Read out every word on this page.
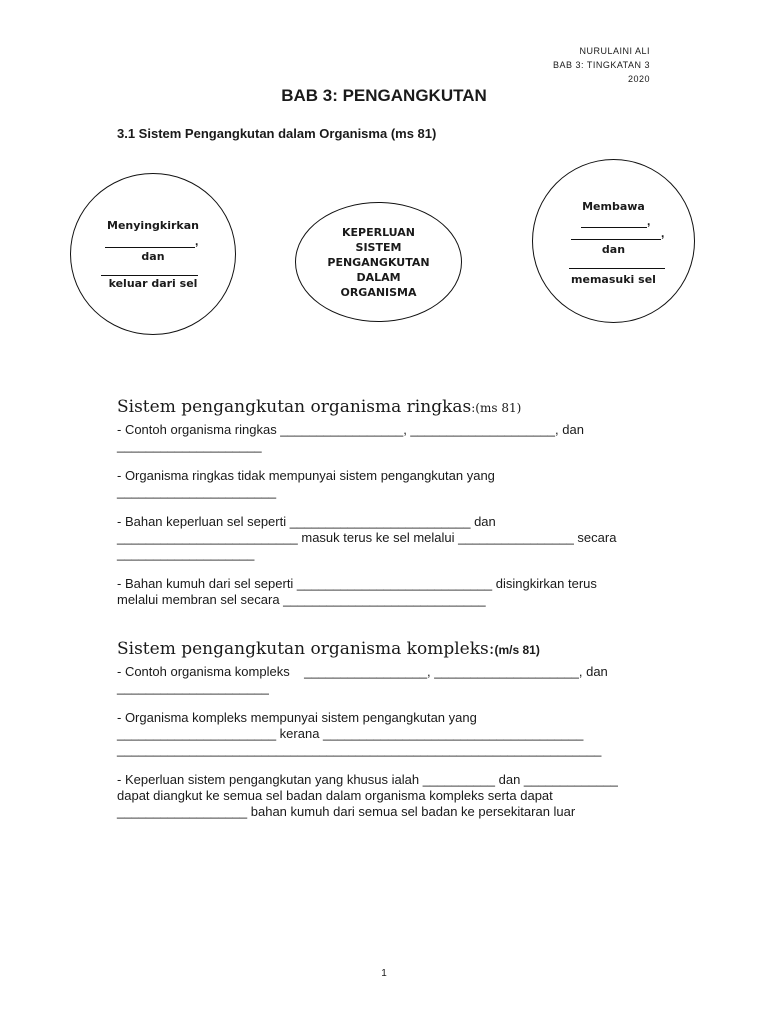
NURULAINI ALI
BAB 3: TINGKATAN 3
2020
BAB 3: PENGANGKUTAN
3.1 Sistem Pengangkutan dalam Organisma (ms 81)
Menyingkirkan
,
dan
keluar dari sel
KEPERLUAN
SISTEM
PENGANGKUTAN
DALAM
ORGANISMA
Membawa
,
,
dan
memasuki sel
Sistem pengangkutan organisma ringkas:(ms 81)
- Contoh organisma ringkas _________________, ____________________, dan
____________________
- Organisma ringkas tidak mempunyai sistem pengangkutan yang
______________________
- Bahan keperluan sel seperti _________________________ dan
_________________________ masuk terus ke sel melalui ________________ secara
___________________
- Bahan kumuh dari sel seperti ___________________________ disingkirkan terus
melalui membran sel secara ____________________________
Sistem pengangkutan organisma kompleks:(m/s 81)
- Contoh organisma kompleks    _________________, ____________________, dan
_____________________
- Organisma kompleks mempunyai sistem pengangkutan yang
______________________ kerana ____________________________________
___________________________________________________________________
- Keperluan sistem pengangkutan yang khusus ialah __________ dan _____________
dapat diangkut ke semua sel badan dalam organisma kompleks serta dapat
__________________ bahan kumuh dari semua sel badan ke persekitaran luar
1
